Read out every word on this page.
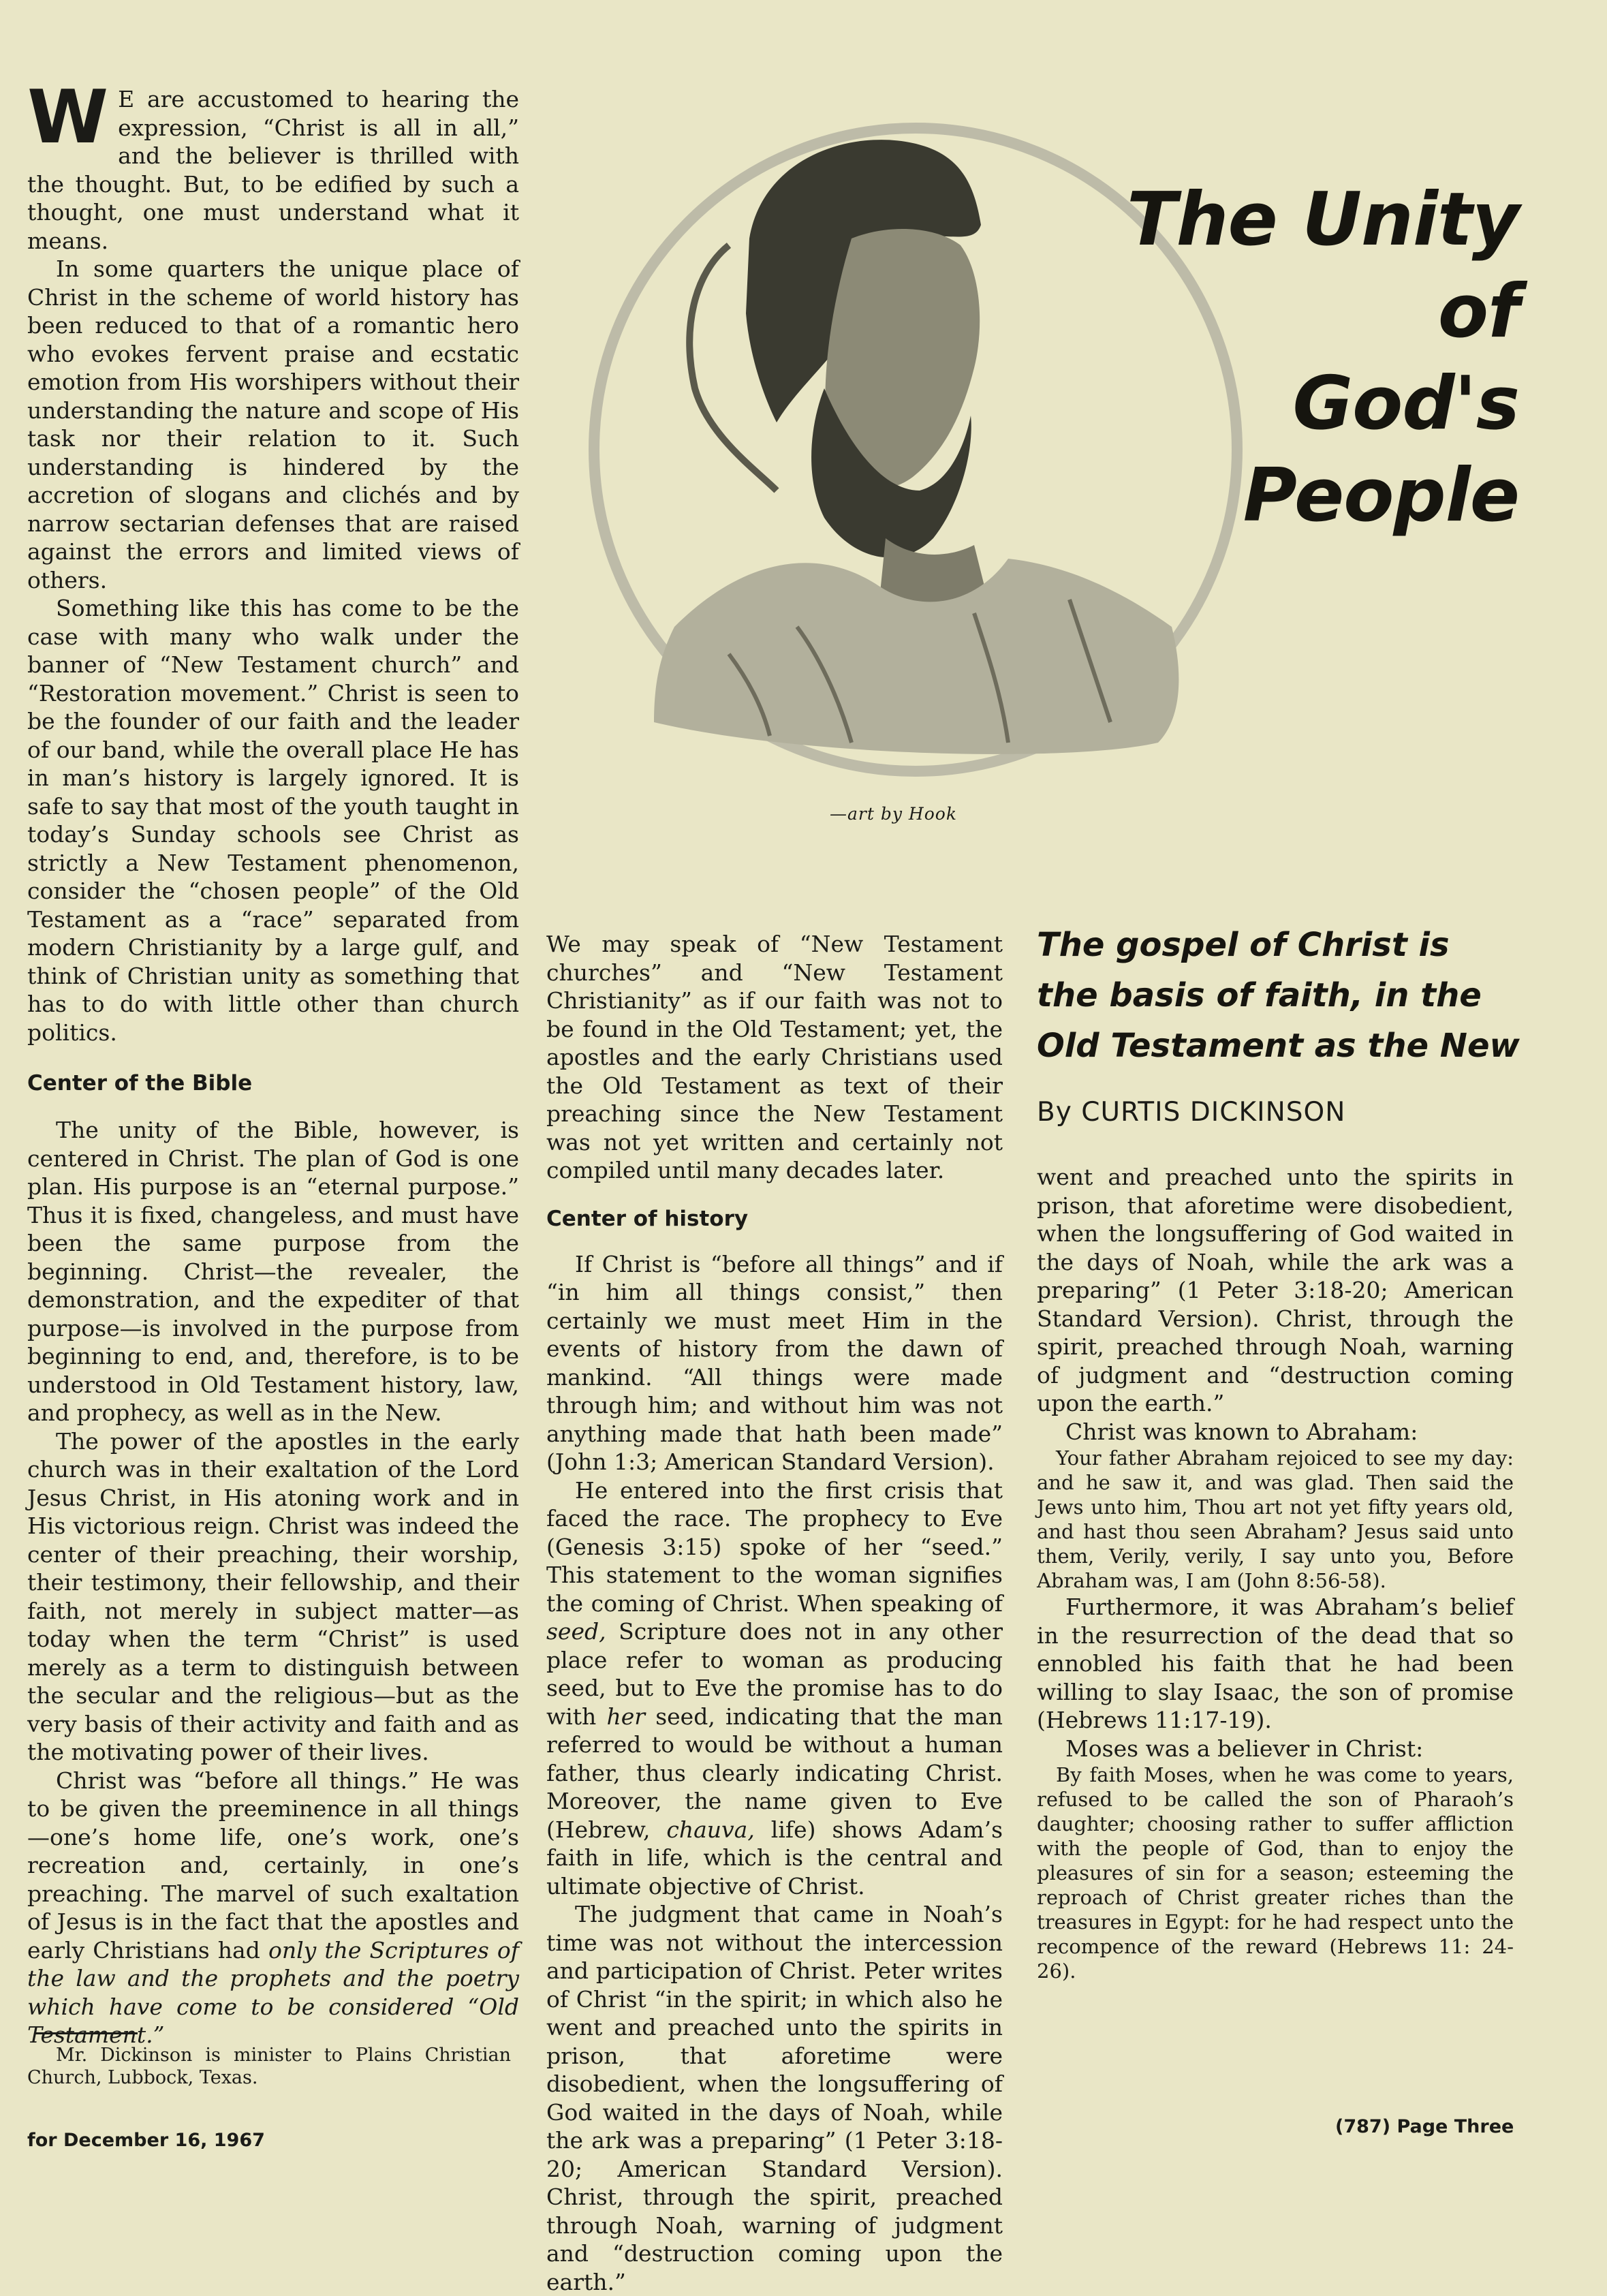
W E are accustomed to hearing the expression, “Christ is all in all,” and the believer is thrilled with the thought. But, to be edified by such a thought, one must understand what it means.

In some quarters the unique place of Christ in the scheme of world history has been reduced to that of a romantic hero who evokes fervent praise and ecstatic emotion from His worshipers without their understanding the nature and scope of His task nor their relation to it. Such understanding is hindered by the accretion of slogans and clichés and by narrow sectarian defenses that are raised against the errors and limited views of others.

Something like this has come to be the case with many who walk under the banner of “New Testament church” and “Restoration movement.” Christ is seen to be the founder of our faith and the leader of our band, while the overall place He has in man’s history is largely ignored. It is safe to say that most of the youth taught in today’s Sunday schools see Christ as strictly a New Testament phenomenon, consider the “chosen people” of the Old Testament as a “race” separated from modern Christianity by a large gulf, and think of Christian unity as something that has to do with little other than church politics.

Center of the Bible

The unity of the Bible, however, is centered in Christ. The plan of God is one plan. His purpose is an “eternal purpose.” Thus it is fixed, changeless, and must have been the same purpose from the beginning. Christ—the revealer, the demonstration, and the expediter of that purpose—is involved in the purpose from beginning to end, and, therefore, is to be understood in Old Testament history, law, and prophecy, as well as in the New.

The power of the apostles in the early church was in their exaltation of the Lord Jesus Christ, in His atoning work and in His victorious reign. Christ was indeed the center of their preaching, their worship, their testimony, their fellowship, and their faith, not merely in subject matter—as today when the term “Christ” is used merely as a term to distinguish between the secular and the religious—but as the very basis of their activity and faith and as the motivating power of their lives.

Christ was “before all things.” He was to be given the preeminence in all things —one’s home life, one’s work, one’s recreation and, certainly, in one’s preaching. The marvel of such exaltation of Jesus is in the fact that the apostles and early Christians had only the Scriptures of the law and the prophets and the poetry which have come to be considered “Old Testament.”

Mr. Dickinson is minister to Plains Christian Church, Lubbock, Texas.
—art by Hook
The Unity of
God's People

We may speak of “New Testament churches” and “New Testament Christianity” as if our faith was not to be found in the Old Testament; yet, the apostles and the early Christians used the Old Testament as text of their preaching since the New Testament was not yet written and certainly not compiled until many decades later.

Center of history

If Christ is “before all things” and if “in him all things consist,” then certainly we must meet Him in the events of history from the dawn of mankind. “All things were made through him; and without him was not anything made that hath been made” (John 1:3; American Standard Version).

He entered into the first crisis that faced the race. The prophecy to Eve (Genesis 3:15) spoke of her “seed.” This statement to the woman signifies the coming of Christ. When speaking of seed, Scripture does not in any other place refer to woman as producing seed, but to Eve the promise has to do with her seed, indicating that the man referred to would be without a human father, thus clearly indicating Christ. Moreover, the name given to Eve (Hebrew, chauva, life) shows Adam’s faith in life, which is the central and ultimate objective of Christ.

The judgment that came in Noah’s time was not without the intercession and participation of Christ. Peter writes of Christ “in the spirit; in which also he went and preached unto the spirits in prison, that aforetime were disobedient, when the longsuffering of God waited in the days of Noah, while the ark was a preparing” (1 Peter 3:18-20; American Standard Version). Christ, through the spirit, preached through Noah, warning of judgment and “destruction coming upon the earth.”

The gospel of Christ is
the basis of faith, in the
Old Testament as the New
By CURTIS DICKINSON

went and preached unto the spirits in prison, that aforetime were disobedient, when the longsuffering of God waited in the days of Noah, while the ark was a preparing” (1 Peter 3:18-20; American Standard Version). Christ, through the spirit, preached through Noah, warning of judgment and “destruction coming upon the earth.”

Christ was known to Abraham:

Your father Abraham rejoiced to see my day: and he saw it, and was glad. Then said the Jews unto him, Thou art not yet fifty years old, and hast thou seen Abraham? Jesus said unto them, Verily, verily, I say unto you, Before Abraham was, I am (John 8:56-58).

Furthermore, it was Abraham’s belief in the resurrection of the dead that so ennobled his faith that he had been willing to slay Isaac, the son of promise (Hebrews 11:17-19).

Moses was a believer in Christ:

By faith Moses, when he was come to years, refused to be called the son of Pharaoh’s daughter; choosing rather to suffer affliction with the people of God, than to enjoy the pleasures of sin for a season; esteeming the reproach of Christ greater riches than the treasures in Egypt: for he had respect unto the recompence of the reward (Hebrews 11: 24-26).

for December 16, 1967
(787) Page Three
